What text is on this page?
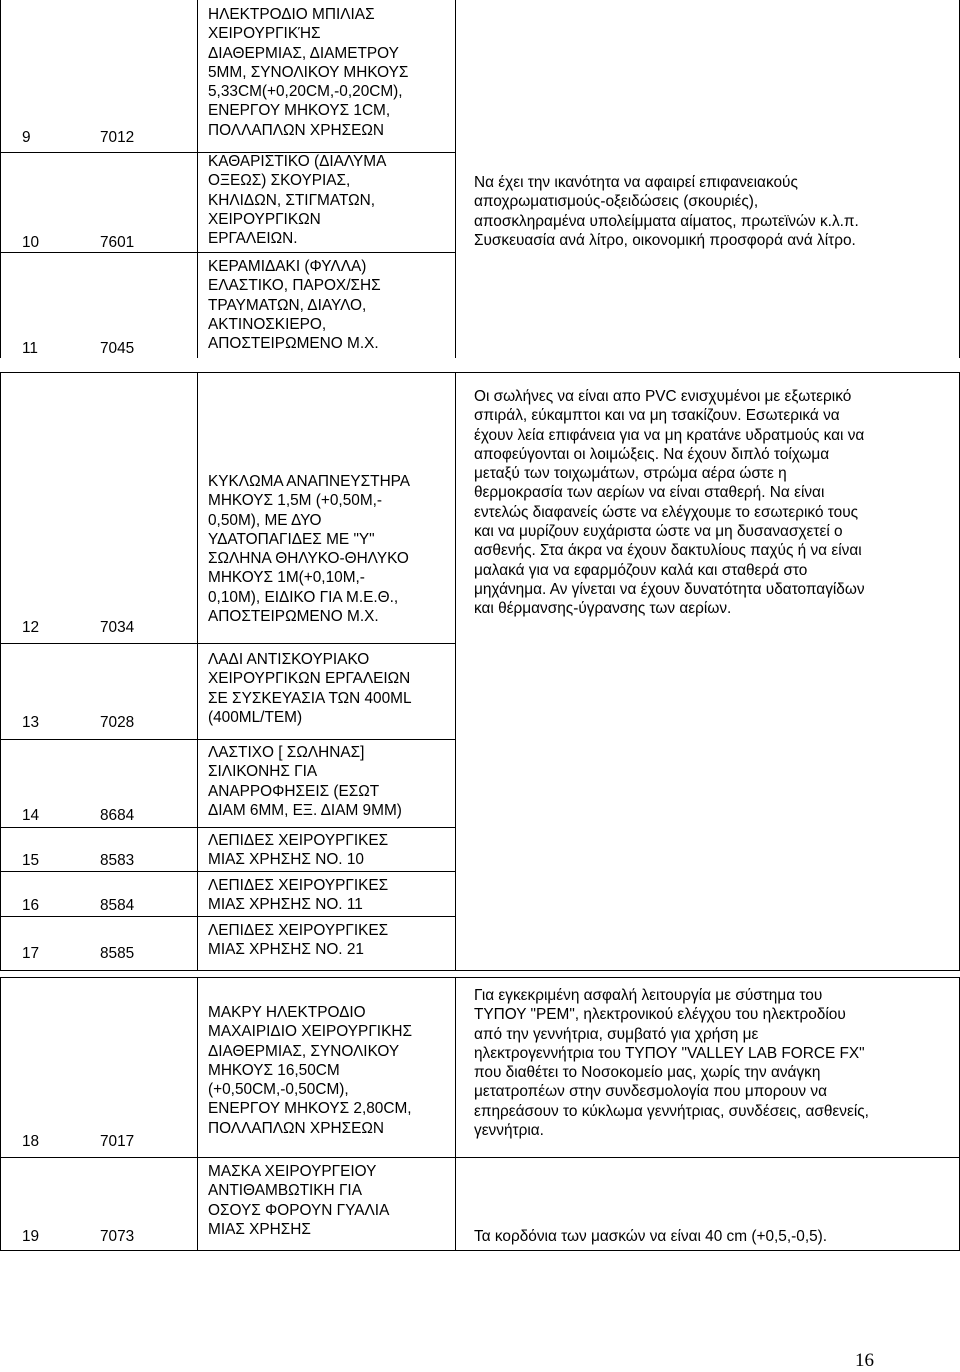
9	7012
ΗΛΕΚΤΡΟΔΙΟ ΜΠΙΛΙΑΣ
ΧΕΙΡΟΥΡΓΙΚΉΣ
ΔΙΑΘΕΡΜΙΑΣ, ΔΙΑΜΕΤΡΟΥ
5ΜΜ, ΣΥΝΟΛΙΚΟΥ ΜΗΚΟΥΣ
5,33CM(+0,20CM,-0,20CM),
ΕΝΕΡΓΟΥ ΜΗΚΟΥΣ 1CM,
ΠΟΛΛΑΠΛΩΝ ΧΡΗΣΕΩΝ
10	7601
ΚΑΘΑΡΙΣΤΙΚΟ (ΔΙΑΛΥΜΑ
ΟΞΕΩΣ) ΣΚΟΥΡΙΑΣ,
ΚΗΛΙΔΩΝ, ΣΤΙΓΜΑΤΩΝ,
ΧΕΙΡΟΥΡΓΙΚΩΝ
ΕΡΓΑΛΕΙΩΝ.
11	7045
ΚΕΡΑΜΙΔΑΚΙ (ΦΥΛΛΑ)
ΕΛΑΣΤΙΚΟ, ΠΑΡΟΧ/ΣΗΣ
ΤΡΑΥΜΑΤΩΝ, ΔΙΑΥΛΟ,
ΑΚΤΙΝΟΣΚΙΕΡΟ,
ΑΠΟΣΤΕΙΡΩΜΕΝΟ Μ.Χ.
Να έχει την ικανότητα να αφαιρεί επιφανειακούς
αποχρωματισμούς-οξειδώσεις (σκουριές),
αποσκληραμένα υπολείμματα αίματος, πρωτεϊνών κ.λ.π.
Συσκευασία ανά λίτρο, οικονομική προσφορά ανά λίτρο.
12	7034
ΚΥΚΛΩΜΑ ΑΝΑΠΝΕΥΣΤΗΡΑ
ΜΗΚΟΥΣ 1,5Μ (+0,50Μ,-
0,50Μ), ΜΕ ΔΥΟ
ΥΔΑΤΟΠΑΓΙΔΕΣ ΜΕ "Υ"
ΣΩΛΗΝΑ ΘΗΛΥΚΟ-ΘΗΛΥΚΟ
ΜΗΚΟΥΣ 1Μ(+0,10Μ,-
0,10Μ), ΕΙΔΙΚΟ ΓΙΑ Μ.Ε.Θ.,
ΑΠΟΣΤΕΙΡΩΜΕΝΟ Μ.Χ.
13	7028
ΛΑΔΙ ΑΝΤΙΣΚΟΥΡΙΑΚΟ
ΧΕΙΡΟΥΡΓΙΚΩΝ ΕΡΓΑΛΕΙΩΝ
ΣΕ ΣΥΣΚΕΥΑΣΙΑ ΤΩΝ 400ML
(400ML/TEM)
14	8684
ΛΑΣΤΙΧΟ [ ΣΩΛΗΝΑΣ]
ΣΙΛΙΚΟΝΗΣ ΓΙΑ
ΑΝΑΡΡΟΦΗΣΕΙΣ (ΕΣΩΤ
ΔΙΑΜ 6ΜΜ, ΕΞ. ΔΙΑΜ 9ΜΜ)
15	8583
ΛΕΠΙΔΕΣ ΧΕΙΡΟΥΡΓΙΚΕΣ
ΜΙΑΣ ΧΡΗΣΗΣ ΝΟ. 10
16	8584
ΛΕΠΙΔΕΣ ΧΕΙΡΟΥΡΓΙΚΕΣ
ΜΙΑΣ ΧΡΗΣΗΣ ΝΟ. 11
17	8585
ΛΕΠΙΔΕΣ ΧΕΙΡΟΥΡΓΙΚΕΣ
ΜΙΑΣ ΧΡΗΣΗΣ ΝΟ. 21
Οι σωλήνες να είναι απο PVC ενισχυμένοι με εξωτερικό
σπιράλ, εύκαμπτοι και να μη τσακίζουν. Εσωτερικά να
έχουν λεία επιφάνεια για να μη κρατάνε υδρατμούς και να
αποφεύγονται οι λοιμώξεις. Να έχουν διπλό τοίχωμα
μεταξύ των τοιχωμάτων, στρώμα αέρα ώστε η
θερμοκρασία των αερίων να είναι σταθερή. Να είναι
εντελώς διαφανείς ώστε να ελέγχουμε το εσωτερικό τους
και να μυρίζουν ευχάριστα ώστε να μη δυσανασχετεί ο
ασθενής. Στα άκρα να έχουν δακτυλίους παχύς ή να είναι
μαλακά για να εφαρμόζουν καλά και σταθερά στο
μηχάνημα. Αν γίνεται να έχουν δυνατότητα υδατοπαγίδων
και θέρμανσης-ύγρανσης των αερίων.
18	7017
ΜΑΚΡΥ ΗΛΕΚΤΡΟΔΙΟ
ΜΑΧΑΙΡΙΔΙΟ ΧΕΙΡΟΥΡΓΙΚΗΣ
ΔΙΑΘΕΡΜΙΑΣ, ΣΥΝΟΛΙΚΟΥ
ΜΗΚΟΥΣ 16,50CM
(+0,50CM,-0,50CM),
ΕΝΕΡΓΟΥ ΜΗΚΟΥΣ 2,80CM,
ΠΟΛΛΑΠΛΩΝ ΧΡΗΣΕΩΝ
Για εγκεκριμένη ασφαλή λειτουργία με σύστημα του
ΤΥΠΟΥ "PEM", ηλεκτρονικού ελέγχου του ηλεκτροδίου
από την γεννήτρια, συμβατό για χρήση με
ηλεκτρογεννήτρια του ΤΥΠΟΥ "VALLEY LAB FORCE FX"
που διαθέτει το Νοσοκομείο μας, χωρίς την ανάγκη
μετατροπέων στην συνδεσμολογία που μπορουν να
επηρεάσουν το κύκλωμα γεννήτριας, συνδέσεις, ασθενείς,
γεννήτρια.
19	7073
ΜΑΣΚΑ ΧΕΙΡΟΥΡΓΕΙΟΥ
ΑΝΤΙΘΑΜΒΩΤΙΚΗ ΓΙΑ
ΟΣΟΥΣ ΦΟΡΟΥΝ ΓΥΑΛΙΑ
ΜΙΑΣ ΧΡΗΣΗΣ	Τα κορδόνια των μασκών να είναι 40 cm (+0,5,-0,5).

16
